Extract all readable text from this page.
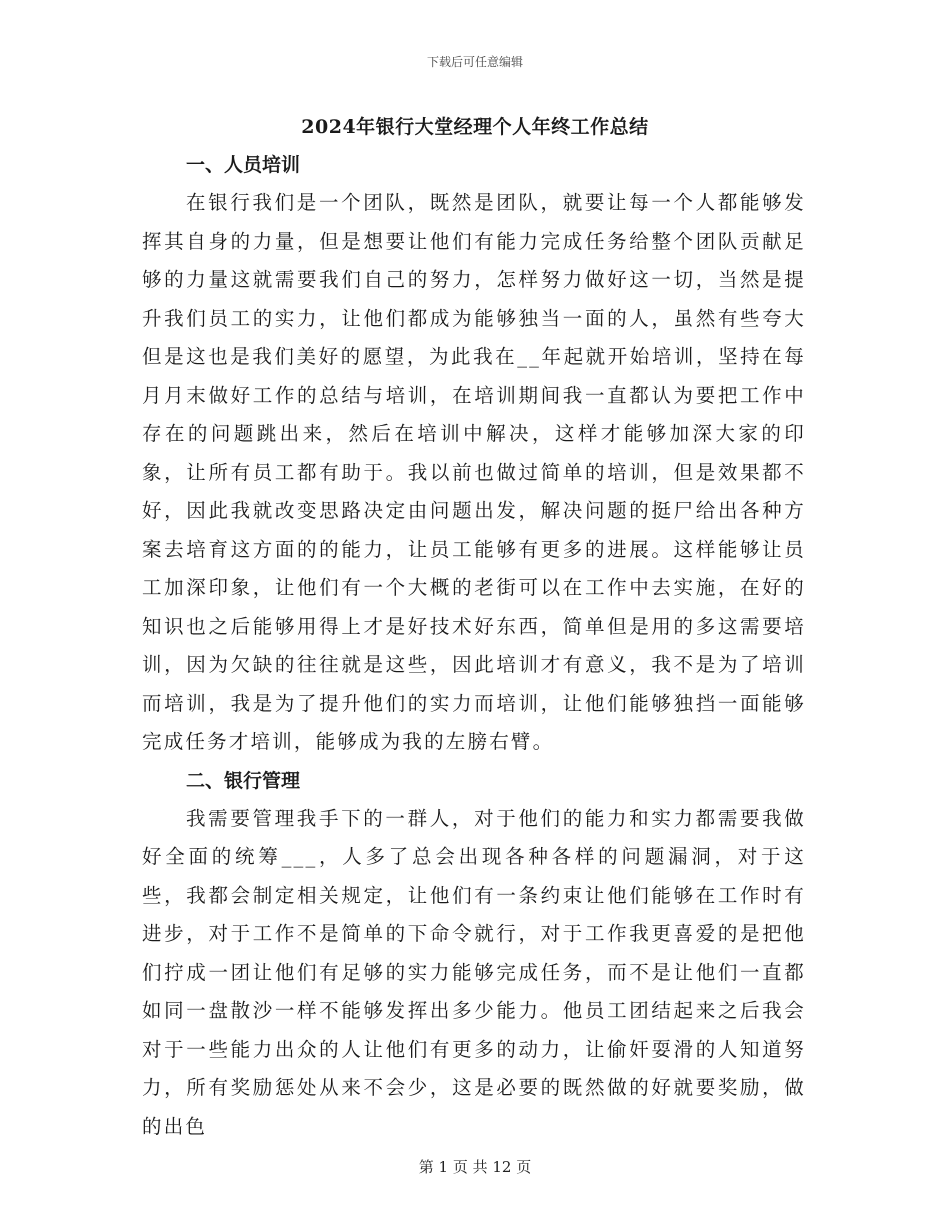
下载后可任意编辑
2024年银行大堂经理个人年终工作总结
一、人员培训

在银行我们是一个团队，既然是团队，就要让每一个人都能够发挥其自身的力量，但是想要让他们有能力完成任务给整个团队贡献足够的力量这就需要我们自己的努力，怎样努力做好这一切，当然是提升我们员工的实力，让他们都成为能够独当一面的人，虽然有些夸大但是这也是我们美好的愿望，为此我在__年起就开始培训，坚持在每月月末做好工作的总结与培训，在培训期间我一直都认为要把工作中存在的问题跳出来，然后在培训中解决，这样才能够加深大家的印象，让所有员工都有助于。我以前也做过简单的培训，但是效果都不好，因此我就改变思路决定由问题出发，解决问题的挺尸给出各种方案去培育这方面的的能力，让员工能够有更多的进展。这样能够让员工加深印象，让他们有一个大概的老街可以在工作中去实施，在好的知识也之后能够用得上才是好技术好东西，简单但是用的多这需要培训，因为欠缺的往往就是这些，因此培训才有意义，我不是为了培训而培训，我是为了提升他们的实力而培训，让他们能够独挡一面能够完成任务才培训，能够成为我的左膀右臂。

二、银行管理

我需要管理我手下的一群人，对于他们的能力和实力都需要我做好全面的统筹___，人多了总会出现各种各样的问题漏洞，对于这些，我都会制定相关规定，让他们有一条约束让他们能够在工作时有进步，对于工作不是简单的下命令就行，对于工作我更喜爱的是把他们拧成一团让他们有足够的实力能够完成任务，而不是让他们一直都如同一盘散沙一样不能够发挥出多少能力。他员工团结起来之后我会对于一些能力出众的人让他们有更多的动力，让偷奸耍滑的人知道努力，所有奖励惩处从来不会少，这是必要的既然做的好就要奖励，做的出色

第 1 页 共 12 页
